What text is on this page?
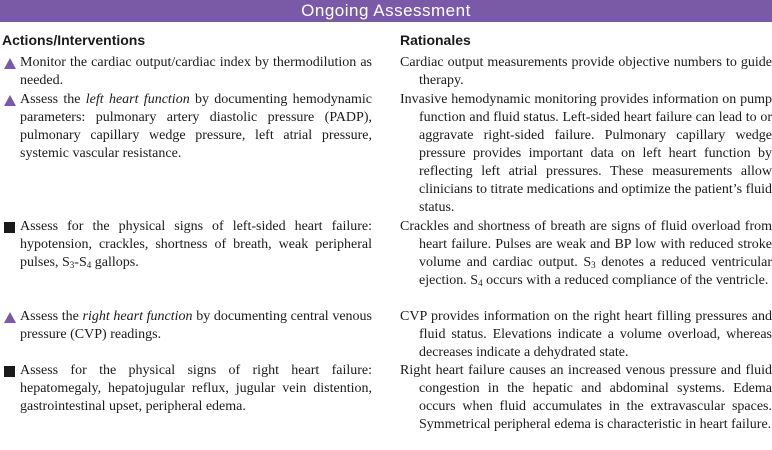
Ongoing Assessment
Actions/Interventions	Rationales
Monitor the cardiac output/cardiac index by thermodilution as needed.
Cardiac output measurements provide objective numbers to guide therapy.
Assess the left heart function by documenting hemodynamic parameters: pulmonary artery diastolic pressure (PADP), pulmonary capillary wedge pressure, left atrial pressure, systemic vascular resistance.
Invasive hemodynamic monitoring provides information on pump function and fluid status. Left-sided heart failure can lead to or aggravate right-sided failure. Pulmonary capillary wedge pressure provides important data on left heart function by reflecting left atrial pressures. These measurements allow clinicians to titrate medications and optimize the patient’s fluid status.
Assess for the physical signs of left-sided heart failure: hypotension, crackles, shortness of breath, weak peripheral pulses, $S_3-S_4$ gallops.
Crackles and shortness of breath are signs of fluid overload from heart failure. Pulses are weak and BP low with reduced stroke volume and cardiac output. $S_3$ denotes a reduced ventricular ejection. $S_4$ occurs with a reduced compliance of the ventricle.
Assess the right heart function by documenting central venous pressure (CVP) readings.
CVP provides information on the right heart filling pressures and fluid status. Elevations indicate a volume overload, whereas decreases indicate a dehydrated state.
Assess for the physical signs of right heart failure: hepatomegaly, hepatojugular reflux, jugular vein distention, gastrointestinal upset, peripheral edema.
Right heart failure causes an increased venous pressure and fluid congestion in the hepatic and abdominal systems. Edema occurs when fluid accumulates in the extravascular spaces. Symmetrical peripheral edema is characteristic in heart failure.
